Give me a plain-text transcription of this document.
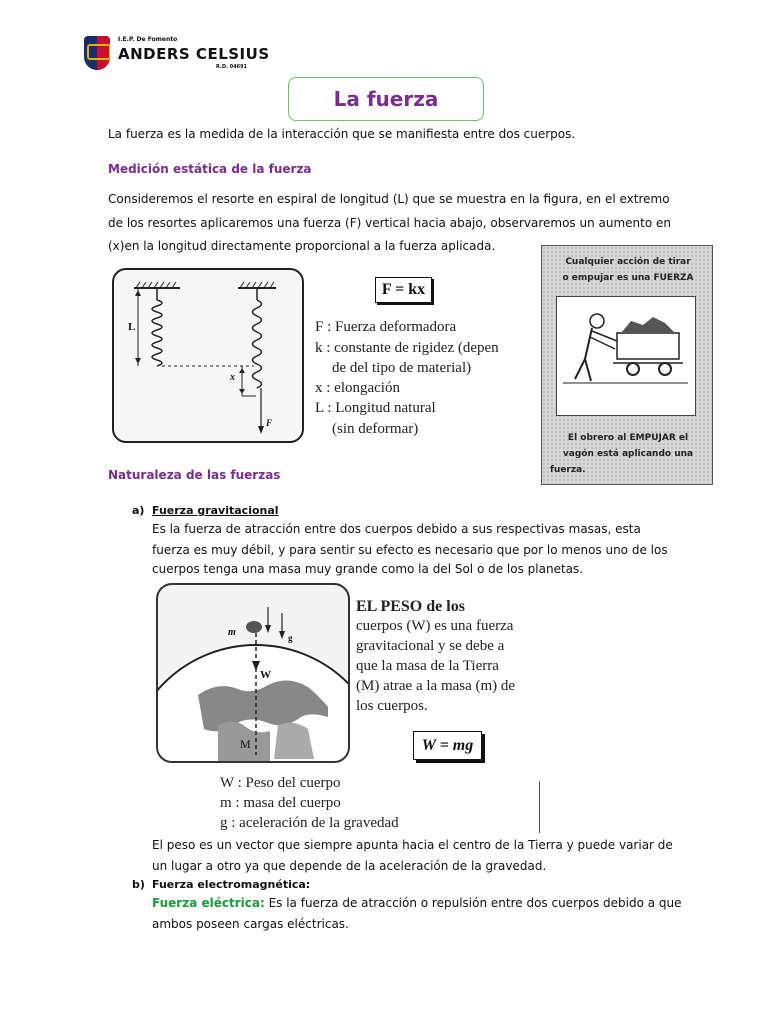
I.E.P. De Fomento
ANDERS CELSIUS
R.D. 04691
La fuerza
La fuerza es la medida de la interacción que se manifiesta entre dos cuerpos.
Medición estática de la fuerza
Consideremos el resorte en espiral de longitud (L) que se muestra en la figura, en el extremo
de los resortes aplicaremos una fuerza (F) vertical hacia abajo, observaremos un aumento en
(x)en la longitud directamente proporcional a la fuerza aplicada.
L
x
F
F = kx
F : Fuerza deformadora
k : constante de rigidez (depen
de del tipo de material)
x : elongación
L : Longitud natural
(sin deformar)
Cualquier acción de tirar
o empujar es una FUERZA
El obrero al EMPUJAR el
vagón está aplicando una
fuerza.
Naturaleza de las fuerzas
a) Fuerza gravitacional
Es la fuerza de atracción entre dos cuerpos debido a sus respectivas masas, esta
fuerza es muy débil, y para sentir su efecto es necesario que por lo menos uno de los
cuerpos tenga una masa muy grande como la del Sol o de los planetas.
m
W
g
M
EL PESO de los
cuerpos (W) es una fuerza
gravitacional y se debe a
que la masa de la Tierra
(M) atrae a la masa (m) de
los cuerpos.
W = mg
W : Peso del cuerpo
m : masa del cuerpo
g : aceleración de la gravedad
El peso es un vector que siempre apunta hacia el centro de la Tierra y puede variar de
un lugar a otro ya que depende de la aceleración de la gravedad.
b) Fuerza electromagnética:
Fuerza eléctrica: Es la fuerza de atracción o repulsión entre dos cuerpos debido a que
ambos poseen cargas eléctricas.
